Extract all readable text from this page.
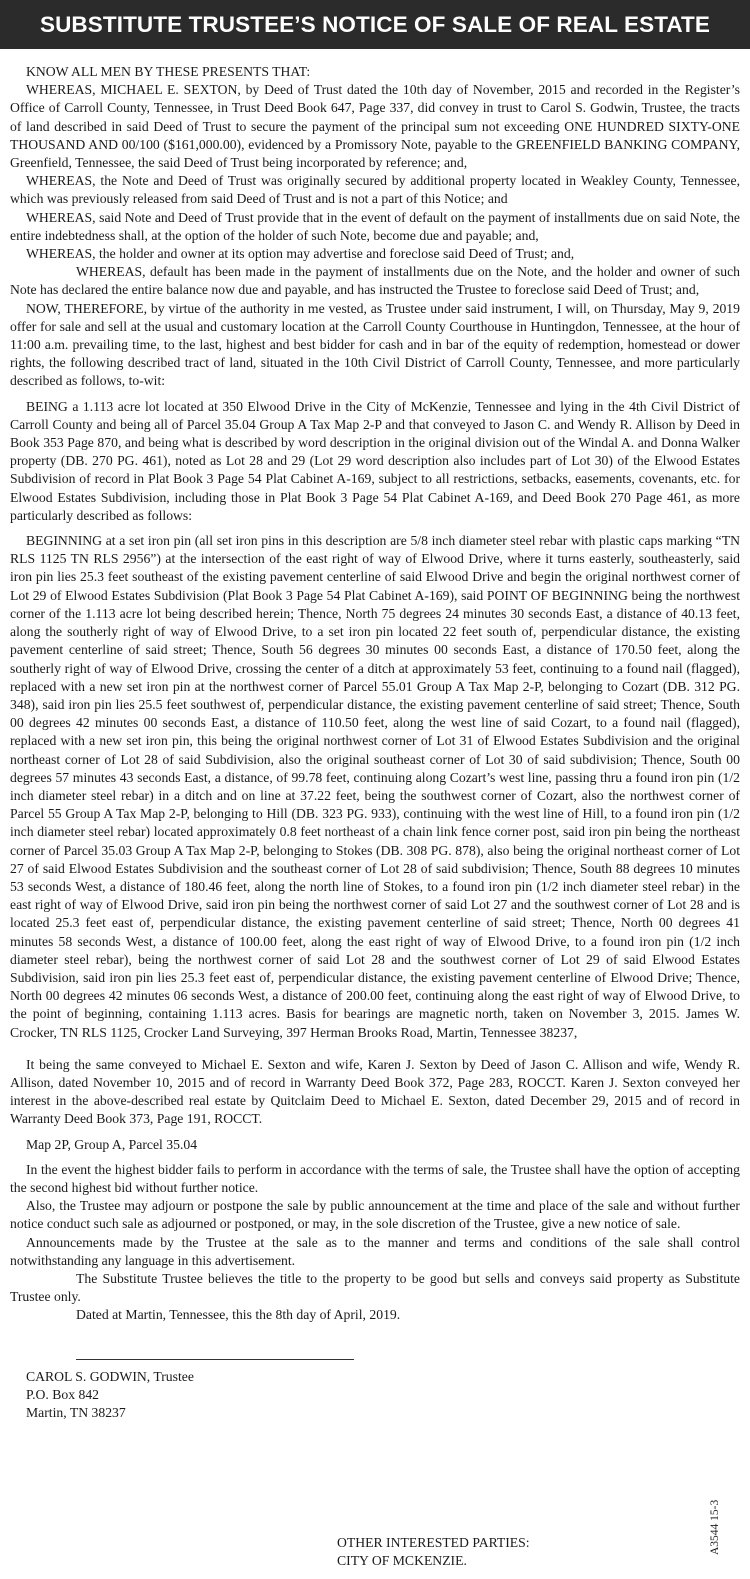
SUBSTITUTE TRUSTEE’S NOTICE OF SALE OF REAL ESTATE

KNOW ALL MEN BY THESE PRESENTS THAT:

WHEREAS, MICHAEL E. SEXTON, by Deed of Trust dated the 10th day of November, 2015 and recorded in the Register’s Office of Carroll County, Tennessee, in Trust Deed Book 647, Page 337, did convey in trust to Carol S. Godwin, Trustee, the tracts of land described in said Deed of Trust to secure the payment of the principal sum not exceeding ONE HUNDRED SIXTY-ONE THOUSAND AND 00/100 ($161,000.00), evidenced by a Promissory Note, payable to the GREENFIELD BANKING COMPANY, Greenfield, Tennessee, the said Deed of Trust being incorporated by reference; and,

WHEREAS, the Note and Deed of Trust was originally secured by additional property located in Weakley County, Tennessee, which was previously released from said Deed of Trust and is not a part of this Notice; and

WHEREAS, said Note and Deed of Trust provide that in the event of default on the payment of installments due on said Note, the entire indebtedness shall, at the option of the holder of such Note, become due and payable; and,

WHEREAS, the holder and owner at its option may advertise and foreclose said Deed of Trust; and,

WHEREAS, default has been made in the payment of installments due on the Note, and the holder and owner of such Note has declared the entire balance now due and payable, and has instructed the Trustee to foreclose said Deed of Trust; and,

NOW, THEREFORE, by virtue of the authority in me vested, as Trustee under said instrument, I will, on Thursday, May 9, 2019 offer for sale and sell at the usual and customary location at the Carroll County Courthouse in Huntingdon, Tennessee, at the hour of 11:00 a.m. prevailing time, to the last, highest and best bidder for cash and in bar of the equity of redemption, homestead or dower rights, the following described tract of land, situated in the 10th Civil District of Carroll County, Tennessee, and more particularly described as follows, to-wit:

BEING a 1.113 acre lot located at 350 Elwood Drive in the City of McKenzie, Tennessee and lying in the 4th Civil District of Carroll County and being all of Parcel 35.04 Group A Tax Map 2-P and that conveyed to Jason C. and Wendy R. Allison by Deed in Book 353 Page 870, and being what is described by word description in the original division out of the Windal A. and Donna Walker property (DB. 270 PG. 461), noted as Lot 28 and 29 (Lot 29 word description also includes part of Lot 30) of the Elwood Estates Subdivision of record in Plat Book 3 Page 54 Plat Cabinet A-169, subject to all restrictions, setbacks, easements, covenants, etc. for Elwood Estates Subdivision, including those in Plat Book 3 Page 54 Plat Cabinet A-169, and Deed Book 270 Page 461, as more particularly described as follows:

BEGINNING at a set iron pin (all set iron pins in this description are 5/8 inch diameter steel rebar with plastic caps marking “TN RLS 1125 TN RLS 2956”) at the intersection of the east right of way of Elwood Drive, where it turns easterly, southeasterly, said iron pin lies 25.3 feet southeast of the existing pavement centerline of said Elwood Drive and begin the original northwest corner of Lot 29 of Elwood Estates Subdivision (Plat Book 3 Page 54 Plat Cabinet A-169), said POINT OF BEGINNING being the northwest corner of the 1.113 acre lot being described herein; Thence, North 75 degrees 24 minutes 30 seconds East, a distance of 40.13 feet, along the southerly right of way of Elwood Drive, to a set iron pin located 22 feet south of, perpendicular distance, the existing pavement centerline of said street; Thence, South 56 degrees 30 minutes 00 seconds East, a distance of 170.50 feet, along the southerly right of way of Elwood Drive, crossing the center of a ditch at approximately 53 feet, continuing to a found nail (flagged), replaced with a new set iron pin at the northwest corner of Parcel 55.01 Group A Tax Map 2-P, belonging to Cozart (DB. 312 PG. 348), said iron pin lies 25.5 feet southwest of, perpendicular distance, the existing pavement centerline of said street; Thence, South 00 degrees 42 minutes 00 seconds East, a distance of 110.50 feet, along the west line of said Cozart, to a found nail (flagged), replaced with a new set iron pin, this being the original northwest corner of Lot 31 of Elwood Estates Subdivision and the original northeast corner of Lot 28 of said Subdivision, also the original southeast corner of Lot 30 of said subdivision; Thence, South 00 degrees 57 minutes 43 seconds East, a distance, of 99.78 feet, continuing along Cozart’s west line, passing thru a found iron pin (1/2 inch diameter steel rebar) in a ditch and on line at 37.22 feet, being the southwest corner of Cozart, also the northwest corner of Parcel 55 Group A Tax Map 2-P, belonging to Hill (DB. 323 PG. 933), continuing with the west line of Hill, to a found iron pin (1/2 inch diameter steel rebar) located approximately 0.8 feet northeast of a chain link fence corner post, said iron pin being the northeast corner of Parcel 35.03 Group A Tax Map 2-P, belonging to Stokes (DB. 308 PG. 878), also being the original northeast corner of Lot 27 of said Elwood Estates Subdivision and the southeast corner of Lot 28 of said subdivision; Thence, South 88 degrees 10 minutes 53 seconds West, a distance of 180.46 feet, along the north line of Stokes, to a found iron pin (1/2 inch diameter steel rebar) in the east right of way of Elwood Drive, said iron pin being the northwest corner of said Lot 27 and the southwest corner of Lot 28 and is located 25.3 feet east of, perpendicular distance, the existing pavement centerline of said street; Thence, North 00 degrees 41 minutes 58 seconds West, a distance of 100.00 feet, along the east right of way of Elwood Drive, to a found iron pin (1/2 inch diameter steel rebar), being the northwest corner of said Lot 28 and the southwest corner of Lot 29 of said Elwood Estates Subdivision, said iron pin lies 25.3 feet east of, perpendicular distance, the existing pavement centerline of Elwood Drive; Thence, North 00 degrees 42 minutes 06 seconds West, a distance of 200.00 feet, continuing along the east right of way of Elwood Drive, to the point of beginning, containing 1.113 acres. Basis for bearings are magnetic north, taken on November 3, 2015. James W. Crocker, TN RLS 1125, Crocker Land Surveying, 397 Herman Brooks Road, Martin, Tennessee 38237,

It being the same conveyed to Michael E. Sexton and wife, Karen J. Sexton by Deed of Jason C. Allison and wife, Wendy R. Allison, dated November 10, 2015 and of record in Warranty Deed Book 372, Page 283, ROCCT. Karen J. Sexton conveyed her interest in the above-described real estate by Quitclaim Deed to Michael E. Sexton, dated December 29, 2015 and of record in Warranty Deed Book 373, Page 191, ROCCT.

Map 2P, Group A, Parcel 35.04

In the event the highest bidder fails to perform in accordance with the terms of sale, the Trustee shall have the option of accepting the second highest bid without further notice.

Also, the Trustee may adjourn or postpone the sale by public announcement at the time and place of the sale and without further notice conduct such sale as adjourned or postponed, or may, in the sole discretion of the Trustee, give a new notice of sale.

Announcements made by the Trustee at the sale as to the manner and terms and conditions of the sale shall control notwithstanding any language in this advertisement.

The Substitute Trustee believes the title to the property to be good but sells and conveys said property as Substitute Trustee only.

Dated at Martin, Tennessee, this the 8th day of April, 2019.

CAROL S. GODWIN, Trustee
P.O. Box 842
Martin, TN 38237
OTHER INTERESTED PARTIES:
CITY OF MCKENZIE.
A3544 15-3
